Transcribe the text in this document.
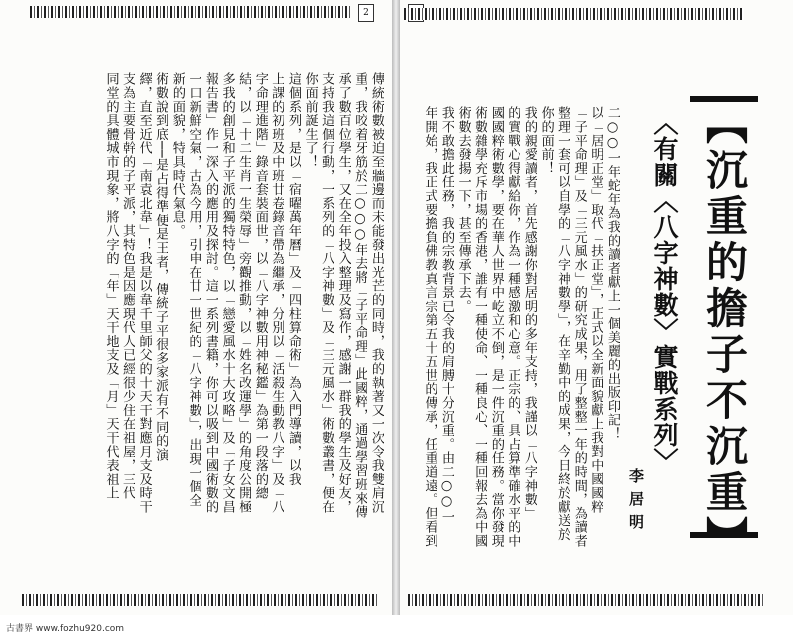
2
【沉重的擔子不沉重】
〈有關〈八字神數〉實戰系列〉
李居明
二○○一年蛇年為我的讀者獻上一個美麗的出版印記！
以「居明正堂」取代「扶正堂」，正式以全新面貌獻上我對中國國粹
「子平命理」及「三元風水」的研究成果，用了整整一年的時間，為讀者
整理一套可以自學的「八字神數學」，在辛勤中的成果，今日終於獻送於
你的面前！
我的親愛讀者，首先感謝你對居明的多年支持，我謹以「八字神數」
的實戰心得獻給你，作為一種感激和心意。正宗的、具占算準確水平的中
國國粹術數學，要在華人世界中屹立不倒，是一件沉重的任務。當你發現
術數雜學充斥市場的香港，誰有一種使命、一種良心、一種回報去為中國
術數去發揚一下，甚至傳承下去。
我不敢擔此任務，我的宗教背景已令我的肩膊十分沉重。由二○○一
年開始，我正式要擔負佛教真言宗第五十五世的傳承，任重道遠。但看到
傳統術數被迫至牆邊而未能發出光芒的同時，我的執著又一次令我雙肩沉
重，我咬着牙筋於二○○○年去將「子平命理」此國粹，通過學習班來傳
承了數百位學生，又在全年投入整理及寫作，感謝一群我的學生及好友，
支持我這個行動，一系列的「八字神數」及「三元風水」術數叢書，便在
你面前誕生了！
這個系列，是以「宿曜萬年曆」及「四柱算命術」為入門導讀，以我
上課的初班及中班廿卷錄音帶為繼承，分別以「活殺生動教八字」及「八
字命理進階」錄音套裝面世，以「八字神數用神秘鑑」為第一段落的總
結，以「十二生肖一生榮辱」旁觀推動，以「姓名改運學」的角度公開極
多我的創見和子平派的獨特特色，以「戀愛風水十大攻略」及「子女文昌
報告書」作一深入的應用及探討。這一系列書籍，你可以吸到中國術數的
一口新鮮空氣，古為今用，引申在廿一世紀的「八字神數」，出現一個全
新的面貌，特具時代氣息。
術數說到底──是占得準便是王者，傳統子平很多家派有不同的演
繹，直至近代「南袁北韋」！我是以韋千里師父的十天干對應月支及時干
支為主要骨幹的子平派，其特色是因應現代人已經很少住在祖屋，三代
同堂的具體城市現象，將八字的「年」天干地支及「月」天干代表祖上
古書界 www.fozhu920.com
